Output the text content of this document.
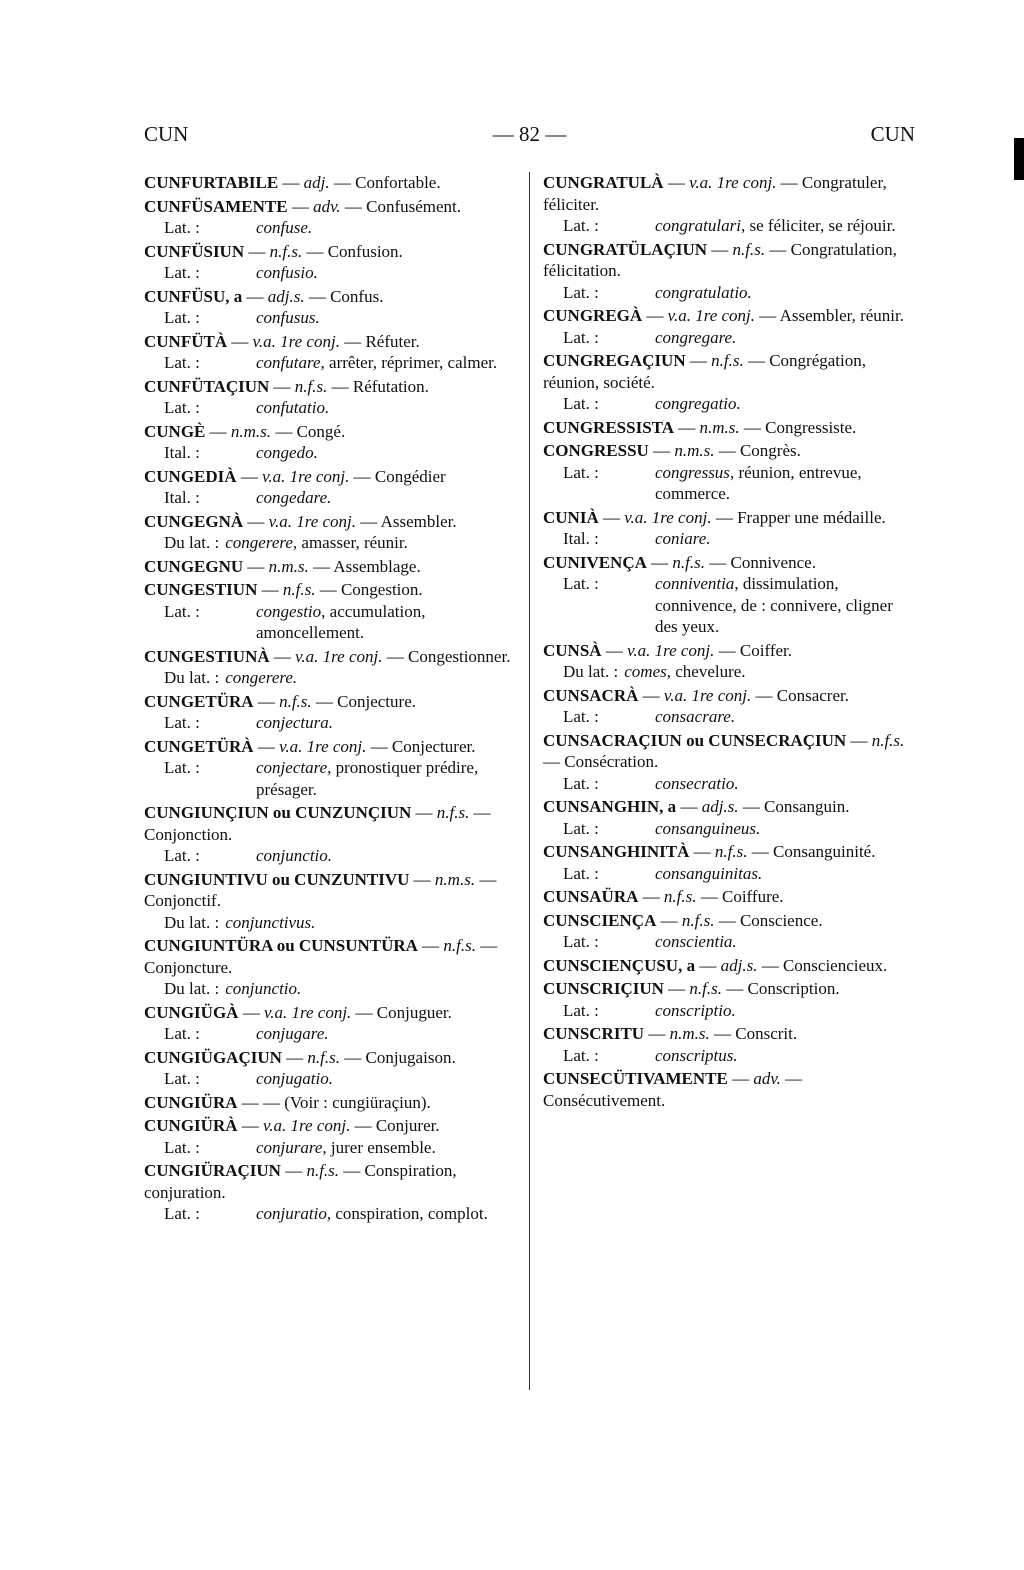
CUN	— 82 —	CUN
CUNFURTABILE — adj. — Confortable.
CUNFÜSAMENTE — adv. — Confusément.
Lat. :	confuse.
CUNFÜSIUN — n.f.s. — Confusion.
Lat. :	confusio.
CUNFÜSU, a — adj.s. — Confus.
Lat. :	confusus.
CUNFÜTÀ — v.a. 1re conj. — Réfuter.
Lat. :	confutare, arrêter, réprimer, calmer.
CUNFÜTAÇIUN — n.f.s. — Réfutation.
Lat. :	confutatio.
CUNGÈ — n.m.s. — Congé.
Ital. :	congedo.
CUNGEDIÀ — v.a. 1re conj. — Congédier
Ital. :	congedare.
CUNGEGNÀ — v.a. 1re conj. — Assembler.
Du lat. : congerere, amasser, réunir.
CUNGEGNU — n.m.s. — Assemblage.
CUNGESTIUN — n.f.s. — Congestion.
Lat. :	congestio, accumulation, amoncellement.
CUNGESTIUNÀ — v.a. 1re conj. — Congestionner.
Du lat. : congerere.
CUNGETÜRA — n.f.s. — Conjecture.
Lat. :	conjectura.
CUNGETÜRÀ — v.a. 1re conj. — Conjecturer.
Lat. :	conjectare, pronostiquer prédire, présager.
CUNGIUNÇIUN ou CUNZUNÇIUN — n.f.s. — Conjonction.
Lat. :	conjunctio.
CUNGIUNTIVU ou CUNZUNTIVU — n.m.s. — Conjonctif.
Du lat. : conjunctivus.
CUNGIUNTÜRA ou CUNSUNTÜRA — n.f.s. — Conjoncture.
Du lat. : conjunctio.
CUNGIÜGÀ — v.a. 1re conj. — Conjuguer.
Lat. :	conjugare.
CUNGIÜGAÇIUN — n.f.s. — Conjugaison.
Lat. :	conjugatio.
CUNGIÜRA — — (Voir : cungiüraçiun).
CUNGIÜRÀ — v.a. 1re conj. — Conjurer.
Lat. :	conjurare, jurer ensemble.
CUNGIÜRAÇIUN — n.f.s. — Conspiration, conjuration.
Lat. :	conjuratio, conspiration, complot.
CUNGRATULÀ — v.a. 1re conj. — Congratuler, féliciter.
Lat. :	congratulari, se féliciter, se réjouir.
CUNGRATÜLAÇIUN — n.f.s. — Congratulation, félicitation.
Lat. :	congratulatio.
CUNGREGÀ — v.a. 1re conj. — Assembler, réunir.
Lat. :	congregare.
CUNGREGAÇIUN — n.f.s. — Congrégation, réunion, société.
Lat. :	congregatio.
CUNGRESSISTA — n.m.s. — Congressiste.
CONGRESSU — n.m.s. — Congrès.
Lat. :	congressus, réunion, entrevue, commerce.
CUNIÀ — v.a. 1re conj. — Frapper une médaille.
Ital. :	coniare.
CUNIVENÇA — n.f.s. — Connivence.
Lat. :	conniventia, dissimulation, connivence, de : connivere, cligner des yeux.
CUNSÀ — v.a. 1re conj. — Coiffer.
Du lat. : comes, chevelure.
CUNSACRÀ — v.a. 1re conj. — Consacrer.
Lat. :	consacrare.
CUNSACRAÇIUN ou CUNSECRAÇIUN — n.f.s. — Consécration.
Lat. :	consecratio.
CUNSANGHIN, a — adj.s. — Consanguin.
Lat. :	consanguineus.
CUNSANGHINITÀ — n.f.s. — Consanguinité.
Lat. :	consanguinitas.
CUNSAÜRA — n.f.s. — Coiffure.
CUNSCIENÇA — n.f.s. — Conscience.
Lat. :	conscientia.
CUNSCIENÇUSU, a — adj.s. — Consciencieux.
CUNSCRIÇIUN — n.f.s. — Conscription.
Lat. :	conscriptio.
CUNSCRITU — n.m.s. — Conscrit.
Lat. :	conscriptus.
CUNSECÜTIVAMENTE — adv. — Consécutivement.
